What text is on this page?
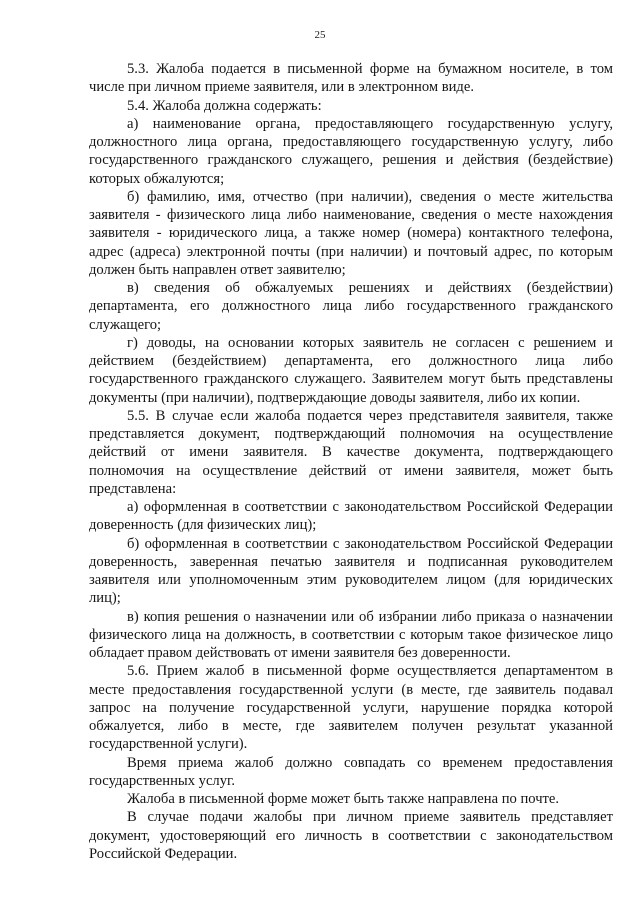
25

5.3. Жалоба подается в письменной форме на бумажном носителе, в том числе при личном приеме заявителя, или в электронном виде.

5.4. Жалоба должна содержать:

а) наименование органа, предоставляющего государственную услугу, должностного лица органа, предоставляющего государственную услугу, либо государственного гражданского служащего, решения и действия (бездействие) которых обжалуются;

б) фамилию, имя, отчество (при наличии), сведения о месте жительства заявителя - физического лица либо наименование, сведения о месте нахождения заявителя - юридического лица, а также номер (номера) контактного телефона, адрес (адреса) электронной почты (при наличии) и почтовый адрес, по которым должен быть направлен ответ заявителю;

в) сведения об обжалуемых решениях и действиях (бездействии) департамента, его должностного лица либо государственного гражданского служащего;

г) доводы, на основании которых заявитель не согласен с решением и действием (бездействием) департамента, его должностного лица либо государственного гражданского служащего. Заявителем могут быть представлены документы (при наличии), подтверждающие доводы заявителя, либо их копии.

5.5. В случае если жалоба подается через представителя заявителя, также представляется документ, подтверждающий полномочия на осуществление действий от имени заявителя. В качестве документа, подтверждающего полномочия на осуществление действий от имени заявителя, может быть представлена:

а) оформленная в соответствии с законодательством Российской Федерации доверенность (для физических лиц);

б) оформленная в соответствии с законодательством Российской Федерации доверенность, заверенная печатью заявителя и подписанная руководителем заявителя или уполномоченным этим руководителем лицом (для юридических лиц);

в) копия решения о назначении или об избрании либо приказа о назначении физического лица на должность, в соответствии с которым такое физическое лицо обладает правом действовать от имени заявителя без доверенности.

5.6. Прием жалоб в письменной форме осуществляется департаментом в месте предоставления государственной услуги (в месте, где заявитель подавал запрос на получение государственной услуги, нарушение порядка которой обжалуется, либо в месте, где заявителем получен результат указанной государственной услуги).

Время приема жалоб должно совпадать со временем предоставления государственных услуг.

Жалоба в письменной форме может быть также направлена по почте.

В случае подачи жалобы при личном приеме заявитель представляет документ, удостоверяющий его личность в соответствии с законодательством Российской Федерации.
